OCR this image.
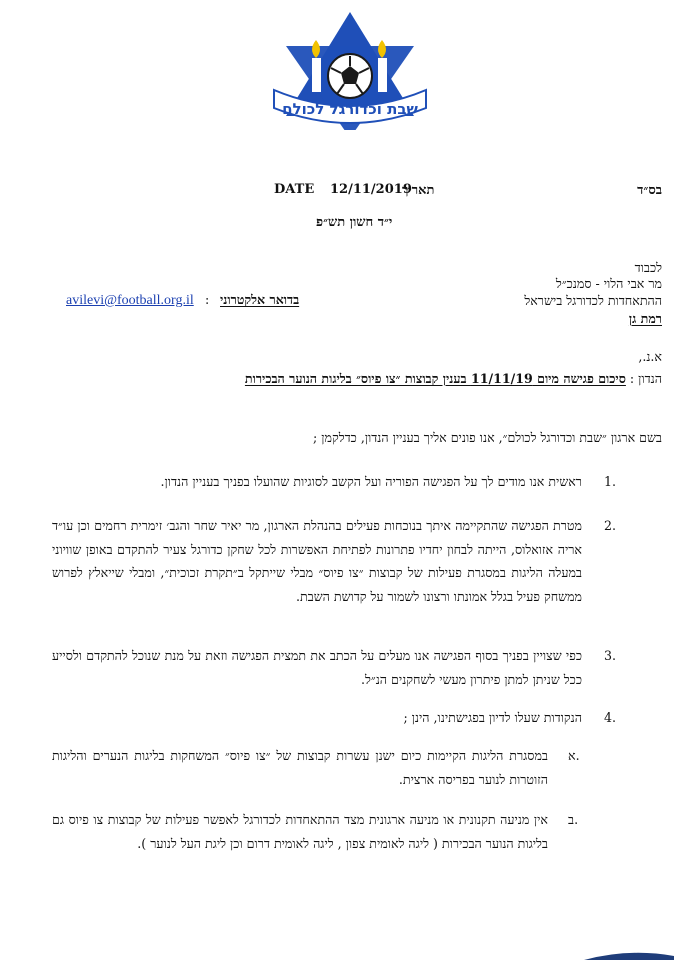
שבת וכדורגל לכולם
בס״ד
DATE 12/11/2019
תאריך
י״ד חשון תש״פ
לכבוד
מר אבי הלוי - סמנכ״ל
ההתאחדות לכדורגל בישראל
רמת גן
בדואר אלקטרוני
:
avilevi@football.org.il
א.נ.,
הנדון : סיכום פגישה מיום 11/11/19 בענין קבוצות ״צו פיוס״ בליגות הנוער הבכירות
בשם ארגון ״שבת וכדורגל לכולם״, אנו פונים אליך בעניין הנדון, כדלקמן ;
1.
ראשית אנו מודים לך על הפגישה הפוריה ועל הקשב לסוגיות שהועלו בפניך בעניין הנדון.
2.
מטרת הפגישה שהתקיימה איתך בנוכחות פעילים בהנהלת הארגון, מר יאיר שחר והגב׳ זימרית רחמים וכן עו״ד אריה אזואלוס, הייתה לבחון יחדיו פתרונות לפתיחת האפשרות לכל שחקן כדורגל צעיר להתקדם באופן שוויוני במעלה הליגות במסגרת פעילות של קבוצות ״צו פיוס״ מבלי שייתקל ב״תקרת זכוכית״, ומבלי שייאלץ לפרוש ממשחק פעיל בגלל אמונתו ורצונו לשמור על קדושת השבת.
3.
כפי שצויין בפניך בסוף הפגישה אנו מעלים על הכתב את תמצית הפגישה וזאת על מנת שנוכל להתקדם ולסייע ככל שניתן למתן פיתרון מעשי לשחקנים הנ״ל.
4.
הנקודות שעלו לדיון בפגישתינו, הינן ;
א.
במסגרת הליגות הקיימות כיום ישנן עשרות קבוצות של ״צו פיוס״ המשחקות בליגות הנערים והליגות הזוטרות לנוער בפריסה ארצית.
ב.
אין מניעה תקנונית או מניעה ארגונית מצד ההתאחדות לכדורגל לאפשר פעילות של קבוצות צו פיוס גם בליגות הנוער הבכירות ( ליגה לאומית צפון , ליגה לאומית דרום וכן ליגת העל לנוער ).
